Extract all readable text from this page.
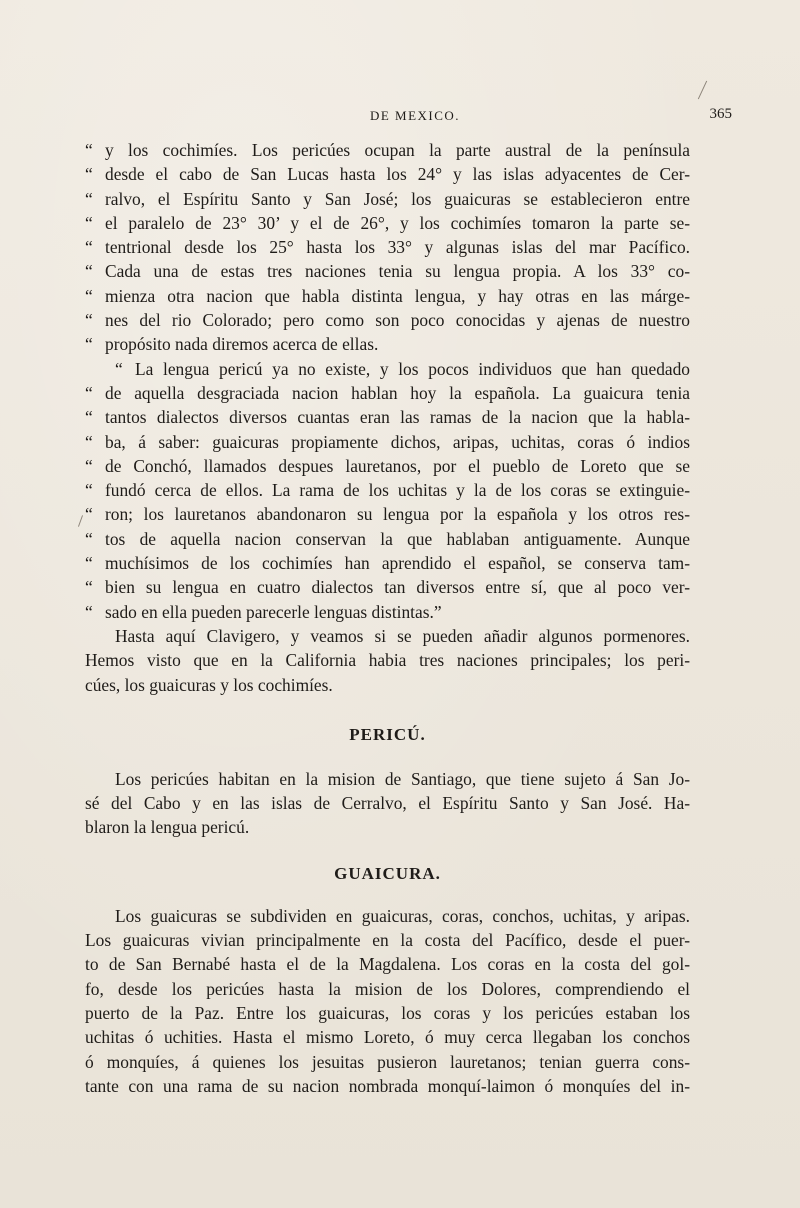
DE MEXICO.	365
“ y los cochimíes. Los pericúes ocupan la parte austral de la península
“ desde el cabo de San Lucas hasta los 24° y las islas adyacentes de Cer-
“ ralvo, el Espíritu Santo y San José; los guaicuras se establecieron entre
“ el paralelo de 23° 30’ y el de 26°, y los cochimíes tomaron la parte se-
“ tentrional desde los 25° hasta los 33° y algunas islas del mar Pacífico.
“ Cada una de estas tres naciones tenia su lengua propia. A los 33° co-
“ mienza otra nacion que habla distinta lengua, y hay otras en las márge-
“ nes del rio Colorado; pero como son poco conocidas y ajenas de nuestro
“ propósito nada diremos acerca de ellas.
“ La lengua pericú ya no existe, y los pocos individuos que han quedado
“ de aquella desgraciada nacion hablan hoy la española. La guaicura tenia
“ tantos dialectos diversos cuantas eran las ramas de la nacion que la habla-
“ ba, á saber: guaicuras propiamente dichos, aripas, uchitas, coras ó indios
“ de Conchó, llamados despues lauretanos, por el pueblo de Loreto que se
“ fundó cerca de ellos. La rama de los uchitas y la de los coras se extinguie-
“ ron; los lauretanos abandonaron su lengua por la española y los otros res-
“ tos de aquella nacion conservan la que hablaban antiguamente. Aunque
“ muchísimos de los cochimíes han aprendido el español, se conserva tam-
“ bien su lengua en cuatro dialectos tan diversos entre sí, que al poco ver-
“ sado en ella pueden parecerle lenguas distintas.”
Hasta aquí Clavigero, y veamos si se pueden añadir algunos pormenores.
Hemos visto que en la California habia tres naciones principales; los peri-
cúes, los guaicuras y los cochimíes.
PERICÚ.
Los pericúes habitan en la mision de Santiago, que tiene sujeto á San Jo-
sé del Cabo y en las islas de Cerralvo, el Espíritu Santo y San José. Ha-
blaron la lengua pericú.
GUAICURA.
Los guaicuras se subdividen en guaicuras, coras, conchos, uchitas, y aripas.
Los guaicuras vivian principalmente en la costa del Pacífico, desde el puer-
to de San Bernabé hasta el de la Magdalena. Los coras en la costa del gol-
fo, desde los pericúes hasta la mision de los Dolores, comprendiendo el
puerto de la Paz. Entre los guaicuras, los coras y los pericúes estaban los
uchitas ó uchities. Hasta el mismo Loreto, ó muy cerca llegaban los conchos
ó monquíes, á quienes los jesuitas pusieron lauretanos; tenian guerra cons-
tante con una rama de su nacion nombrada monquí-laimon ó monquíes del in-
